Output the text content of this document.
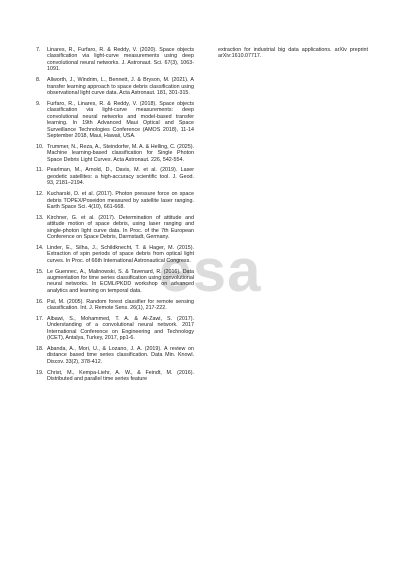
esa
7.	Linares, R., Furfaro, R. & Reddy, V. (2020). Space objects classification via light-curve measurements using deep convolutional neural networks. J. Astronaut. Sci. 67(3), 1063-1091.
8.	Allworth, J., Windrim, L., Bennett, J. & Bryson, M. (2021). A transfer learning approach to space debris classification using observational light curve data. Acta Astronaut. 181, 301-315.
9.	Furfaro, R., Linares, R. & Reddy, V. (2018). Space objects classification via light-curve measurements: deep convolutional neural networks and model-based transfer learning. In 19th Advanced Maui Optical and Space Surveillance Technologies Conference (AMOS 2018), 11-14 September 2018, Maui, Hawaii, USA.
10. Trummer, N., Reza, A., Steindorfer, M. A. & Helling, C. (2025). Machine learning-based classification for Single Photon Space Debris Light Curves. Acta Astronaut. 226, 542-554.
11. Pearlman, M., Arnold, D., Davis, M. et al. (2019). Laser geodetic satellites: a high-accuracy scientific tool. J. Geod. 93, 2181–2194.
12. Kucharski, D. et al. (2017). Photon pressure force on space debris TOPEX/Poseidon measured by satellite laser ranging. Earth Space Sci. 4(10), 661-668.
13. Kirchner, G. et al. (2017). Determination of attitude and attitude motion of space debris, using laser ranging and single-photon light curve data. In Proc. of the 7th European Conference on Space Debris, Darmstadt, Germany.
14. Linder, E., Silha, J., Schildknecht, T. & Hager, M. (2015). Extraction of spin periods of space debris from optical light curves. In Proc. of 66th International Astronautical Congress.
15. Le Guennec, A., Malinowski, S. & Tavenard, R. (2016). Data augmentation for time series classification using convolutional neural networks. In ECML/PKDD workshop on advanced analytics and learning on temporal data.
16. Pal, M. (2005). Random forest classifier for remote sensing classification. Int. J. Remote Sens. 26(1), 217-222.
17. Albawi, S., Mohammed, T. A. & Al-Zawi, S. (2017). Understanding of a convolutional neural network. 2017 International Conference on Engineering and Technology (ICET), Antalya, Turkey, 2017, pp1-6.
18. Abanda, A., Mori, U., & Lozano, J. A. (2019). A review on distance based time series classification. Data Min. Knowl. Discov. 33(2), 378-412.
19. Christ, M., Kempa-Liehr, A. W., & Feindt, M. (2016). Distributed and parallel time series feature

extraction for industrial big data applications. arXiv preprint arXiv:1610.07717.
